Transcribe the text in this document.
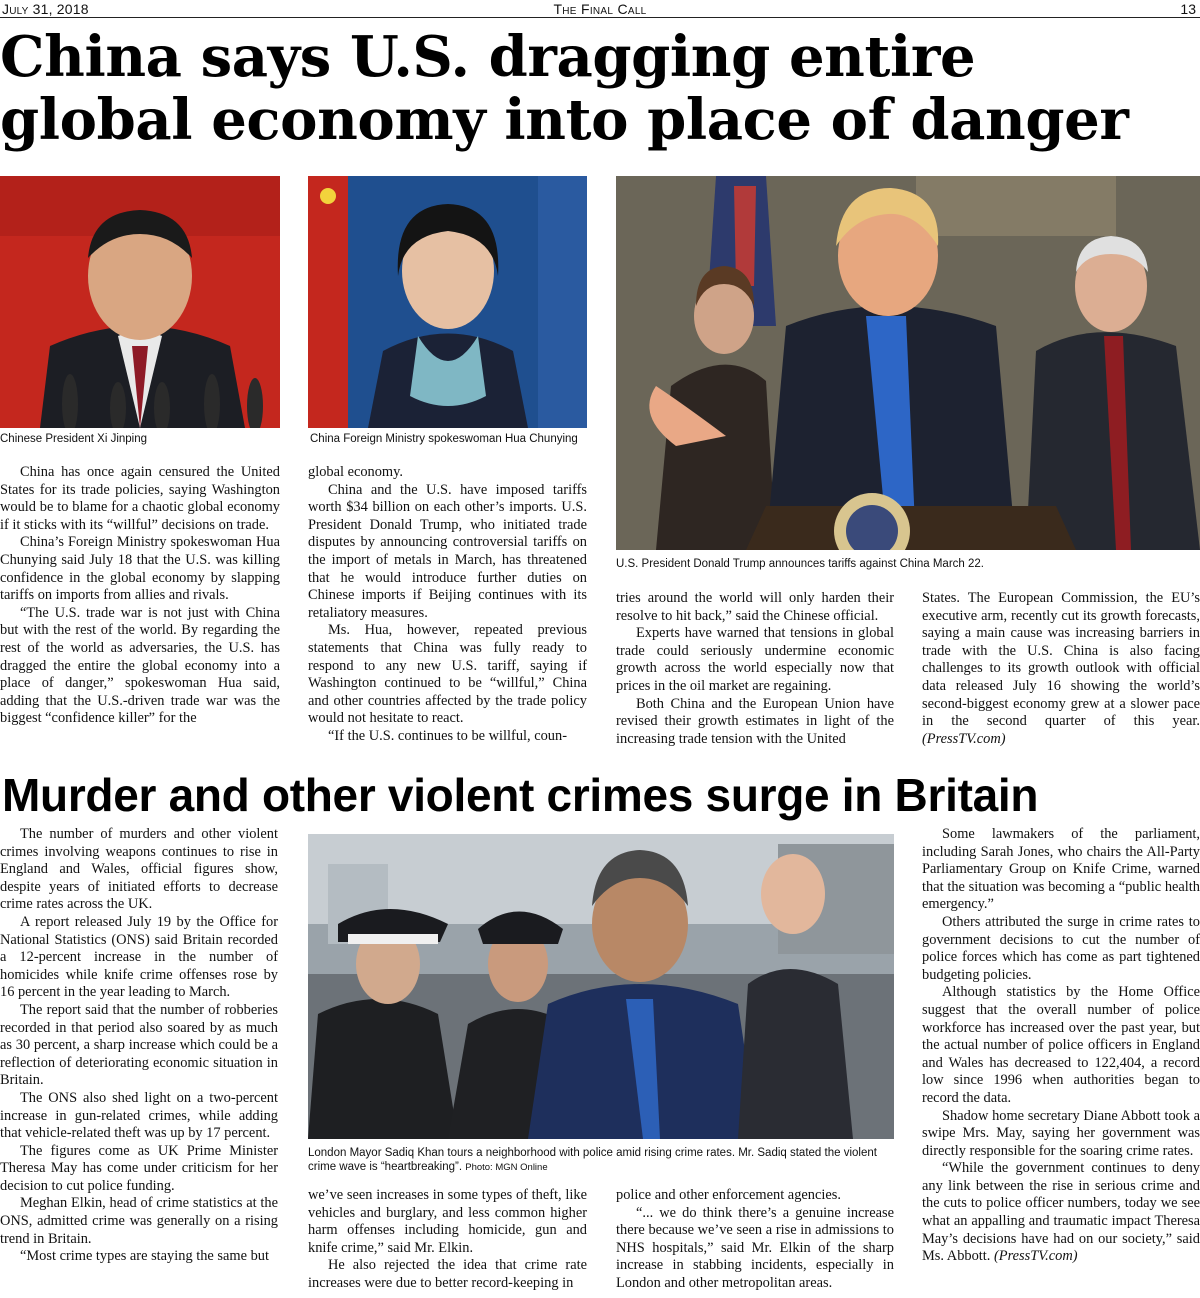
July 31, 2018	The Final Call	13
China says U.S. dragging entire
global economy into place of danger
Chinese President Xi Jinping	China Foreign Ministry spokeswoman Hua Chunying
U.S. President Donald Trump announces tariffs against China March 22.

China has once again censured the United States for its trade policies, saying Washington would be to blame for a chaotic global economy if it sticks with its “willful” decisions on trade.

China’s Foreign Ministry spokeswoman Hua Chunying said July 18 that the U.S. was killing confidence in the global economy by slapping tariffs on imports from allies and rivals.

“The U.S. trade war is not just with China but with the rest of the world. By regarding the rest of the world as adversaries, the U.S. has dragged the entire the global economy into a place of danger,” spokeswoman Hua said, adding that the U.S.-driven trade war was the biggest “confidence killer” for the

global economy.

China and the U.S. have imposed tariffs worth $34 billion on each other’s imports. U.S. President Donald Trump, who initiated trade disputes by announcing controversial tariffs on the import of metals in March, has threatened that he would introduce further duties on Chinese imports if Beijing continues with its retaliatory measures.

Ms. Hua, however, repeated previous statements that China was fully ready to respond to any new U.S. tariff, saying if Washington continued to be “willful,” China and other countries affected by the trade policy would not hesitate to react.

“If the U.S. continues to be willful, coun-

tries around the world will only harden their resolve to hit back,” said the Chinese official.

Experts have warned that tensions in global trade could seriously undermine economic growth across the world especially now that prices in the oil market are regaining.

Both China and the European Union have revised their growth estimates in light of the increasing trade tension with the United

States. The European Commission, the EU’s executive arm, recently cut its growth forecasts, saying a main cause was increasing barriers in trade with the U.S. China is also facing challenges to its growth outlook with official data released July 16 showing the world’s second-biggest economy grew at a slower pace in the second quarter of this year. (PressTV.com)

Murder and other violent crimes surge in Britain
London Mayor Sadiq Khan tours a neighborhood with police amid rising crime rates. Mr. Sadiq stated the violent crime wave is “heartbreaking”. Photo: MGN Online

The number of murders and other violent crimes involving weapons continues to rise in England and Wales, official figures show, despite years of initiated efforts to decrease crime rates across the UK.

A report released July 19 by the Office for National Statistics (ONS) said Britain recorded a 12-percent increase in the number of homicides while knife crime offenses rose by 16 percent in the year leading to March.

The report said that the number of robberies recorded in that period also soared by as much as 30 percent, a sharp increase which could be a reflection of deteriorating economic situation in Britain.

The ONS also shed light on a two-percent increase in gun-related crimes, while adding that vehicle-related theft was up by 17 percent.

The figures come as UK Prime Minister Theresa May has come under criticism for her decision to cut police funding.

Meghan Elkin, head of crime statistics at the ONS, admitted crime was generally on a rising trend in Britain.

“Most crime types are staying the same but

we’ve seen increases in some types of theft, like vehicles and burglary, and less common higher harm offenses including homicide, gun and knife crime,” said Mr. Elkin.

He also rejected the idea that crime rate increases were due to better record-keeping in

police and other enforcement agencies.

“... we do think there’s a genuine increase there because we’ve seen a rise in admissions to NHS hospitals,” said Mr. Elkin of the sharp increase in stabbing incidents, especially in London and other metropolitan areas.

Some lawmakers of the parliament, including Sarah Jones, who chairs the All-Party Parliamentary Group on Knife Crime, warned that the situation was becoming a “public health emergency.”

Others attributed the surge in crime rates to government decisions to cut the number of police forces which has come as part tightened budgeting policies.

Although statistics by the Home Office suggest that the overall number of police workforce has increased over the past year, but the actual number of police officers in England and Wales has decreased to 122,404, a record low since 1996 when authorities began to record the data.

Shadow home secretary Diane Abbott took a swipe Mrs. May, saying her government was directly responsible for the soaring crime rates.

“While the government continues to deny any link between the rise in serious crime and the cuts to police officer numbers, today we see what an appalling and traumatic impact Theresa May’s decisions have had on our society,” said Ms. Abbott. (PressTV.com)
